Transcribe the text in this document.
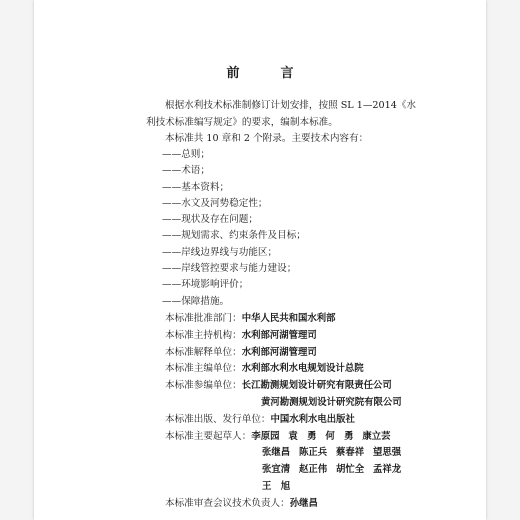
前　言

根据水利技术标准制修订计划安排，按照 SL 1—2014《水
利技术标准编写规定》的要求，编制本标准。
本标准共 10 章和 2 个附录。主要技术内容有：

——总则；
——术语；
——基本资料；
——水文及河势稳定性；
——现状及存在问题；
——规划需求、约束条件及目标；
——岸线边界线与功能区；
——岸线管控要求与能力建设；
——环境影响评价；
——保障措施。
本标准批准部门：中华人民共和国水利部
本标准主持机构：水利部河湖管理司
本标准解释单位：水利部河湖管理司
本标准主编单位：水利部水利水电规划设计总院
本标准参编单位：长江勘测规划设计研究有限责任公司
黄河勘测规划设计研究院有限公司
本标准出版、发行单位：中国水利水电出版社
本标准主要起草人：李原园 袁　勇 何　勇 康立芸
张继昌 陈正兵 蔡春祥 望思强
张宜清 赵正伟 胡忙全 孟祥龙
王　旭
本标准审查会议技术负责人：孙继昌
